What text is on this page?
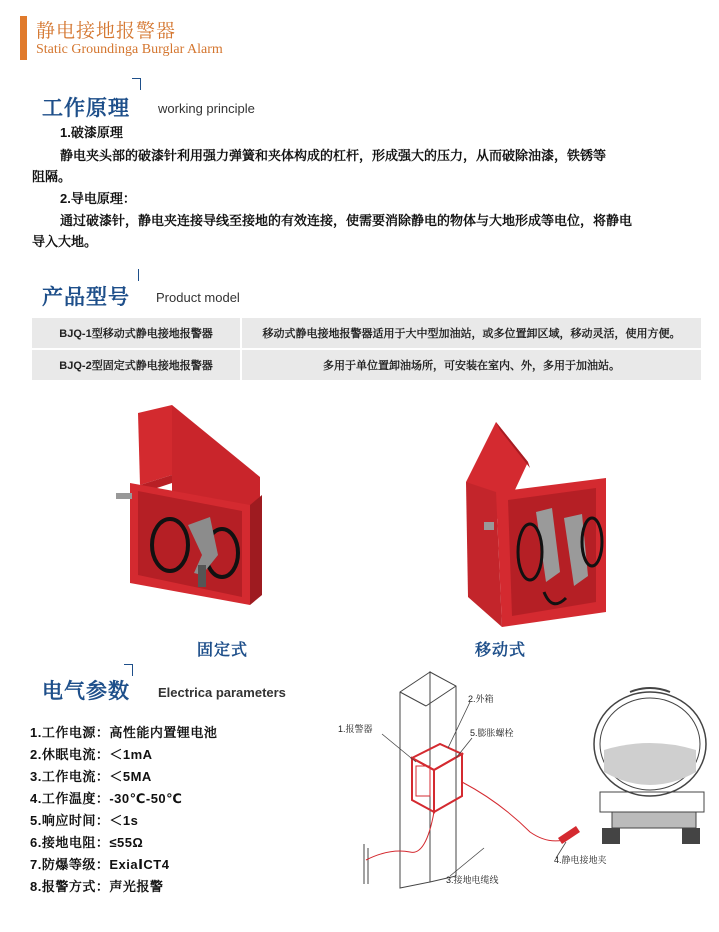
静电接地报警器
Static Groundinga Burglar Alarm
工作原理 working principle
1.破漆原理
静电夹头部的破漆针利用强力弹簧和夹体构成的杠杆，形成强大的压力，从而破除油漆，铁锈等
阻隔。
2.导电原理：
通过破漆针，静电夹连接导线至接地的有效连接，使需要消除静电的物体与大地形成等电位，将静电
导入大地。
产品型号 Product model
BJQ-1型移动式静电接地报警器	移动式静电接地报警器适用于大中型加油站，或多位置卸区域，移动灵活，使用方便。
BJQ-2型固定式静电接地报警器	多用于单位置卸油场所，可安装在室内、外，多用于加油站。
固定式	移动式
电气参数 Electrica parameters
1.工作电源：高性能内置锂电池
2.休眠电流：＜1mA
3.工作电流：＜5MA
4.工作温度：-30℃-50℃
5.响应时间：＜1s
6.接地电阻：≤55Ω
7.防爆等级：ExiaⅠCT4
8.报警方式：声光报警
1.报警器
2.外箱
5.膨胀螺栓
3.接地电缆线
4.静电接地夹
